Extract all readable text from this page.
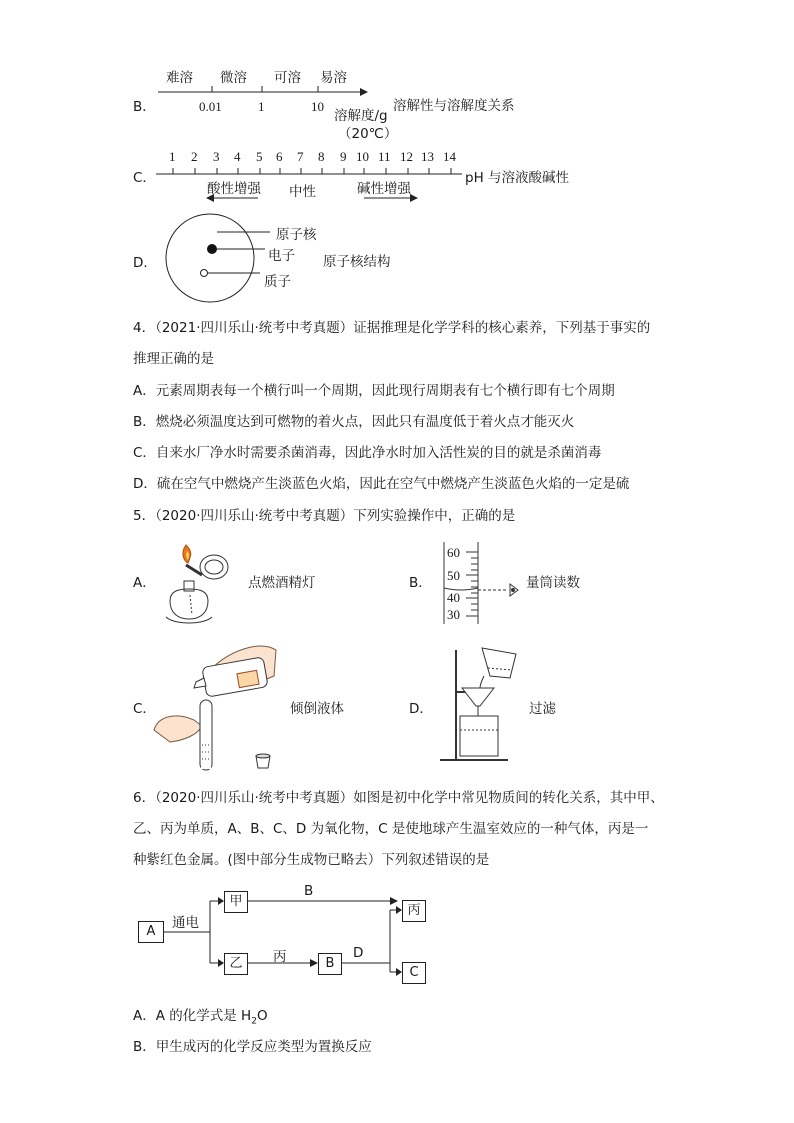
B．
难溶 微溶 可溶 易溶
0.01	1	10
溶解度/g
（20℃）
溶解性与溶解度关系
C．
1 2 3 4 5 6 7 8 9 10 11 12 13 14
酸性增强 中性	碱性增强
pH 与溶液酸碱性
D．
原子核
电子
质子
原子核结构
4．（2021·四川乐山·统考中考真题）证据推理是化学学科的核心素养，下列基于事实的
推理正确的是
A．元素周期表每一个横行叫一个周期，因此现行周期表有七个横行即有七个周期
B．燃烧必须温度达到可燃物的着火点，因此只有温度低于着火点才能灭火
C．自来水厂净水时需要杀菌消毒，因此净水时加入活性炭的目的就是杀菌消毒
D．硫在空气中燃烧产生淡蓝色火焰，因此在空气中燃烧产生淡蓝色火焰的一定是硫
5．（2020·四川乐山·统考中考真题）下列实验操作中，正确的是
A．	点燃酒精灯	B．
60
50
40
30
量筒读数
C．	倾倒液体	D．	过滤
6．（2020·四川乐山·统考中考真题）如图是初中化学中常见物质间的转化关系，其中甲、
乙、丙为单质，A、B、C、D 为氧化物，C 是使地球产生温室效应的一种气体，丙是一
种紫红色金属。(图中部分生成物已略去）下列叙述错误的是
A
甲
乙	B
丙
C
通电
B
丙	D
A．A 的化学式是 $H_2O$
B．甲生成丙的化学反应类型为置换反应
